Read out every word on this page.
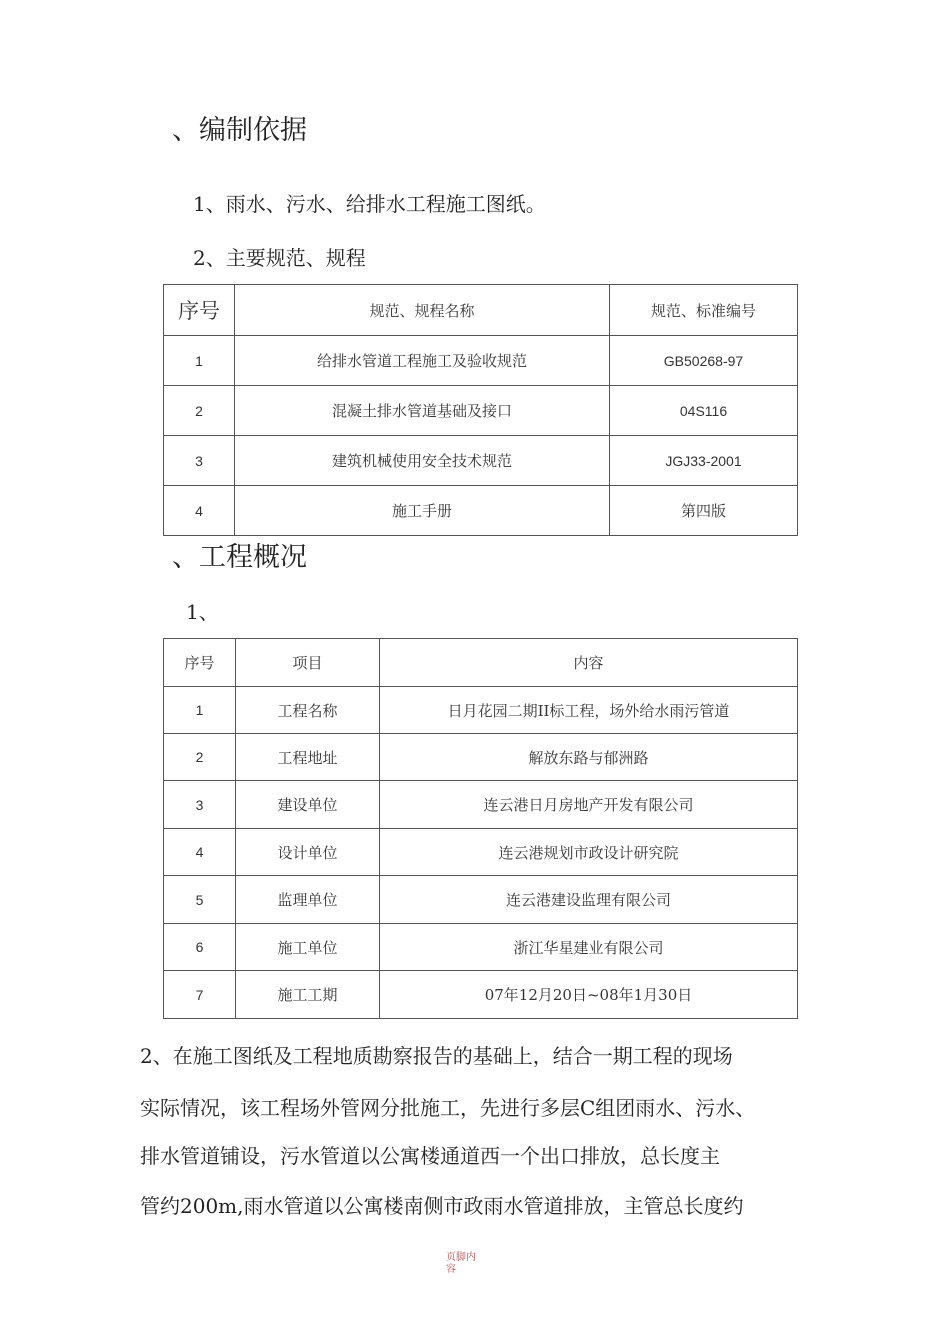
、编制依据
1、雨水、污水、给排水工程施工图纸。
2、主要规范、规程
序号	规范、规程名称	规范、标准编号
1	给排水管道工程施工及验收规范	GB50268-97
2	混凝土排水管道基础及接口	04S116
3	建筑机械使用安全技术规范	JGJ33-2001
4	施工手册	第四版
、工程概况
1、
序号	项目	内容
1	工程名称	日月花园二期II标工程，场外给水雨污管道
2	工程地址	解放东路与郁洲路
3	建设单位	连云港日月房地产开发有限公司
4	设计单位	连云港规划市政设计研究院
5	监理单位	连云港建设监理有限公司
6	施工单位	浙江华星建业有限公司
7	施工工期	07年12月20日~08年1月30日
2、在施工图纸及工程地质勘察报告的基础上，结合一期工程的现场
实际情况，该工程场外管网分批施工，先进行多层C组团雨水、污水、
排水管道铺设，污水管道以公寓楼通道西一个出口排放，总长度主
管约200m,雨水管道以公寓楼南侧市政雨水管道排放，主管总长度约
页脚内容
